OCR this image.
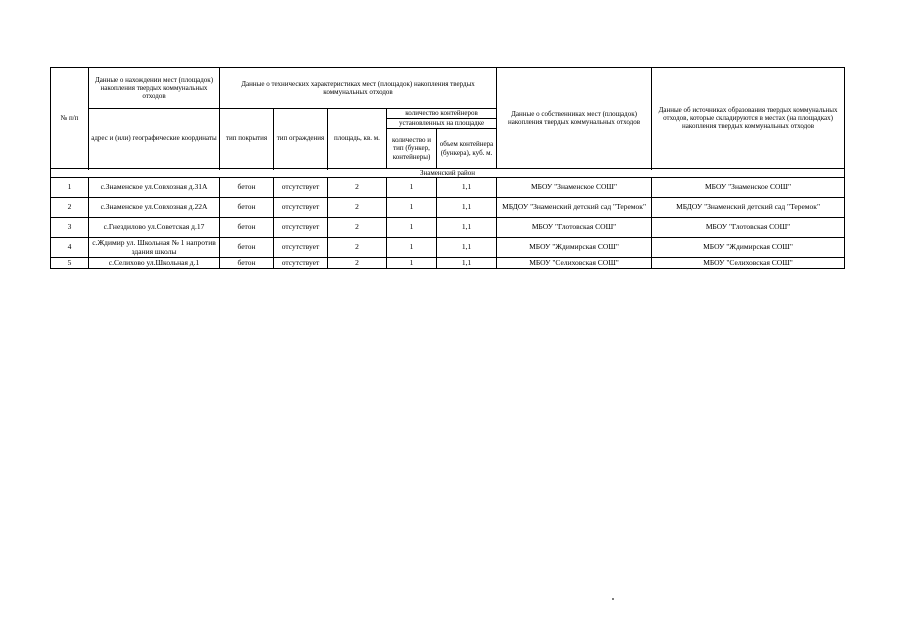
№ п/п	Данные о нахождении мест (площадок) накопления твердых коммунальных отходов	Данные о технических характеристиках мест (площадок) накопления твердых коммунальных отходов					Данные о собственниках мест (площадок) накопления твердых коммунальных отходов	Данные об источниках образования твердых коммунальных отходов, которые складируются в местах (на площадках) накопления твердых коммунальных отходов
	адрес и (или) географические координаты	тип покрытия	тип ограждения	площадь, кв. м.	количество контейнеров			
					установленных на площадке			
					количество и тип (бункер, контейнеры)	объем контейнера (бункера), куб. м.		

Знаменский район								
1	с.Знаменское ул.Совхозная д.31А	бетон	отсутствует	2	1	1,1	МБОУ "Знаменское СОШ"	МБОУ "Знаменское СОШ"
2	с.Знаменское ул.Совхозная д.22А	бетон	отсутствует	2	1	1,1	МБДОУ "Знаменский детский сад "Теремок"	МБДОУ "Знаменский детский сад "Теремок"
3	с.Гнездилово ул.Советская д.17	бетон	отсутствует	2	1	1,1	МБОУ "Глотовская СОШ"	МБОУ "Глотовская СОШ"
4	с.Ждимир ул. Школьная № 1 напротив здания школы	бетон	отсутствует	2	1	1,1	МБОУ "Ждимирская СОШ"	МБОУ "Ждимирская СОШ"
5	с.Селихово ул.Школьная д.1	бетон	отсутствует	2	1	1,1	МБОУ "Селиховская СОШ"	МБОУ "Селиховская СОШ"
